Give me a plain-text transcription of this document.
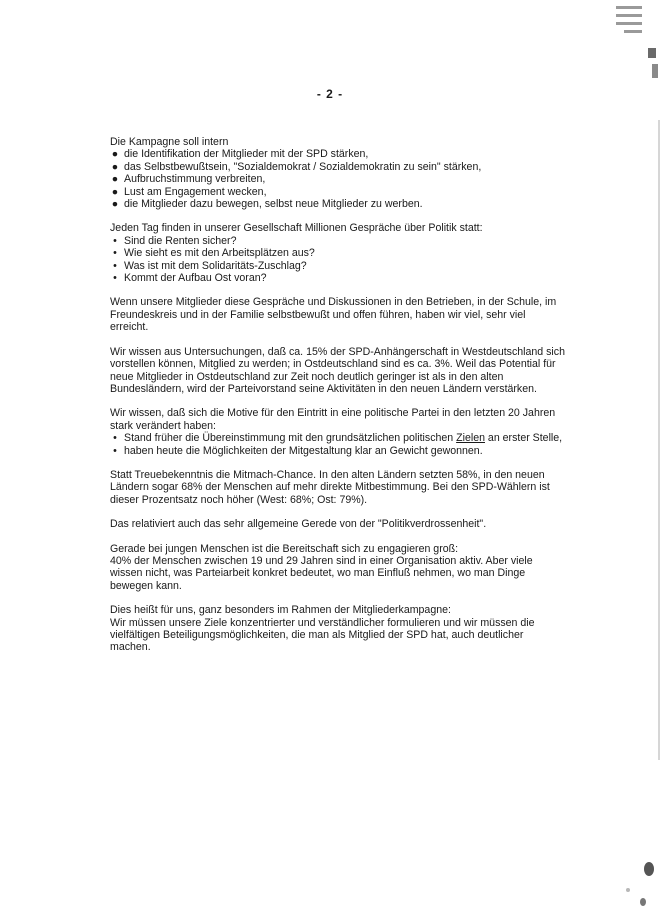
- 2 -

Die Kampagne soll intern

● die Identifikation der Mitglieder mit der SPD stärken,
● das Selbstbewußtsein, "Sozialdemokrat / Sozialdemokratin zu sein" stärken,
● Aufbruchstimmung verbreiten,
● Lust am Engagement wecken,
● die Mitglieder dazu bewegen, selbst neue Mitglieder zu werben.

Jeden Tag finden in unserer Gesellschaft Millionen Gespräche über Politik statt:

• Sind die Renten sicher?
• Wie sieht es mit den Arbeitsplätzen aus?
• Was ist mit dem Solidaritäts-Zuschlag?
• Kommt der Aufbau Ost voran?

Wenn unsere Mitglieder diese Gespräche und Diskussionen in den Betrieben, in der Schule, im Freundeskreis und in der Familie selbstbewußt und offen führen, haben wir viel, sehr viel erreicht.

Wir wissen aus Untersuchungen, daß ca. 15% der SPD-Anhängerschaft in Westdeutschland sich vorstellen können, Mitglied zu werden; in Ostdeutschland sind es ca. 3%. Weil das Potential für neue Mitglieder in Ostdeutschland zur Zeit noch deutlich geringer ist als in den alten Bundesländern, wird der Parteivorstand seine Aktivitäten in den neuen Ländern verstärken.

Wir wissen, daß sich die Motive für den Eintritt in eine politische Partei in den letzten 20 Jahren stark verändert haben:

• Stand früher die Übereinstimmung mit den grundsätzlichen politischen Zielen an erster Stelle,
• haben heute die Möglichkeiten der Mitgestaltung klar an Gewicht gewonnen.

Statt Treuebekenntnis die Mitmach-Chance. In den alten Ländern setzten 58%, in den neuen Ländern sogar 68% der Menschen auf mehr direkte Mitbestimmung. Bei den SPD-Wählern ist dieser Prozentsatz noch höher (West: 68%; Ost: 79%).

Das relativiert auch das sehr allgemeine Gerede von der "Politikverdrossenheit".

Gerade bei jungen Menschen ist die Bereitschaft sich zu engagieren groß:

40% der Menschen zwischen 19 und 29 Jahren sind in einer Organisation aktiv. Aber viele wissen nicht, was Parteiarbeit konkret bedeutet, wo man Einfluß nehmen, wo man Dinge bewegen kann.

Dies heißt für uns, ganz besonders im Rahmen der Mitgliederkampagne:

Wir müssen unsere Ziele konzentrierter und verständlicher formulieren und wir müssen die vielfältigen Beteiligungsmöglichkeiten, die man als Mitglied der SPD hat, auch deutlicher machen.
